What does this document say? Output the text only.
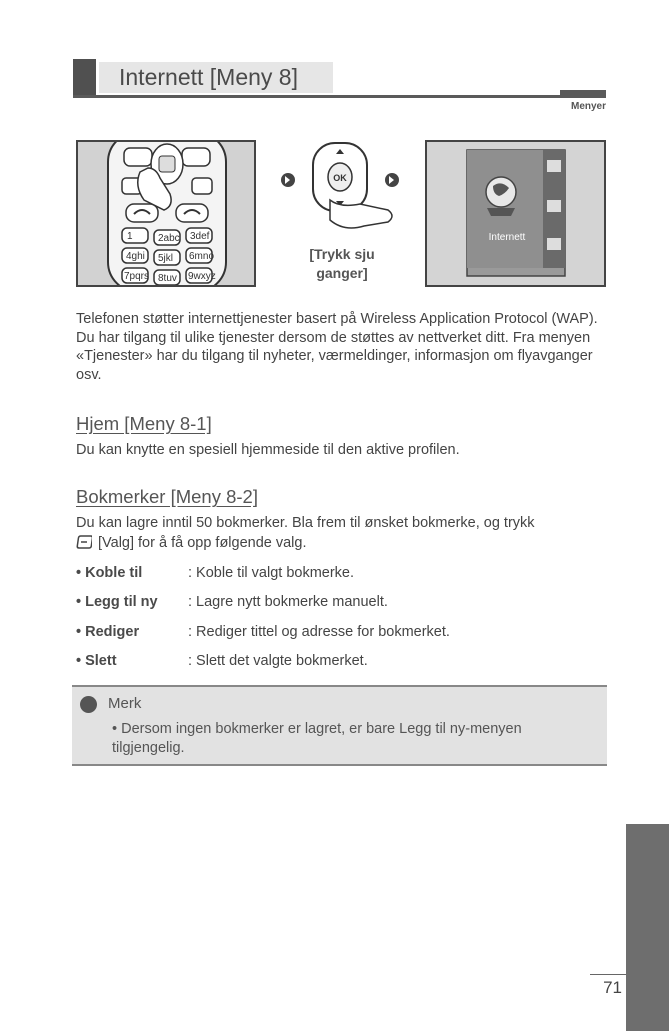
Internett [Meny 8]
Menyer
1	2abc 3def
4ghi 5jkl 6mno
7pqrs 8tuv 9wxyz
OK
[Trykk sju
ganger]
Internett
Telefonen støtter internettjenester basert på Wireless Application Protocol (WAP). Du har tilgang til ulike tjenester dersom de støttes av nettverket ditt. Fra menyen «Tjenester» har du tilgang til nyheter, værmeldinger, informasjon om flyavganger osv.
Hjem [Meny 8-1]
Du kan knytte en spesiell hjemmeside til den aktive profilen.
Bokmerker [Meny 8-2]
Du kan lagre inntil 50 bokmerker. Bla frem til ønsket bokmerke, og trykk
[Valg] for å få opp følgende valg.
• Koble til	: Koble til valgt bokmerke.
• Legg til ny : Lagre nytt bokmerke manuelt.
• Rediger	: Rediger tittel og adresse for bokmerket.
• Slett	: Slett det valgte bokmerket.
Merk
• Dersom ingen bokmerker er lagret, er bare Legg til ny-menyen tilgjengelig.
71
